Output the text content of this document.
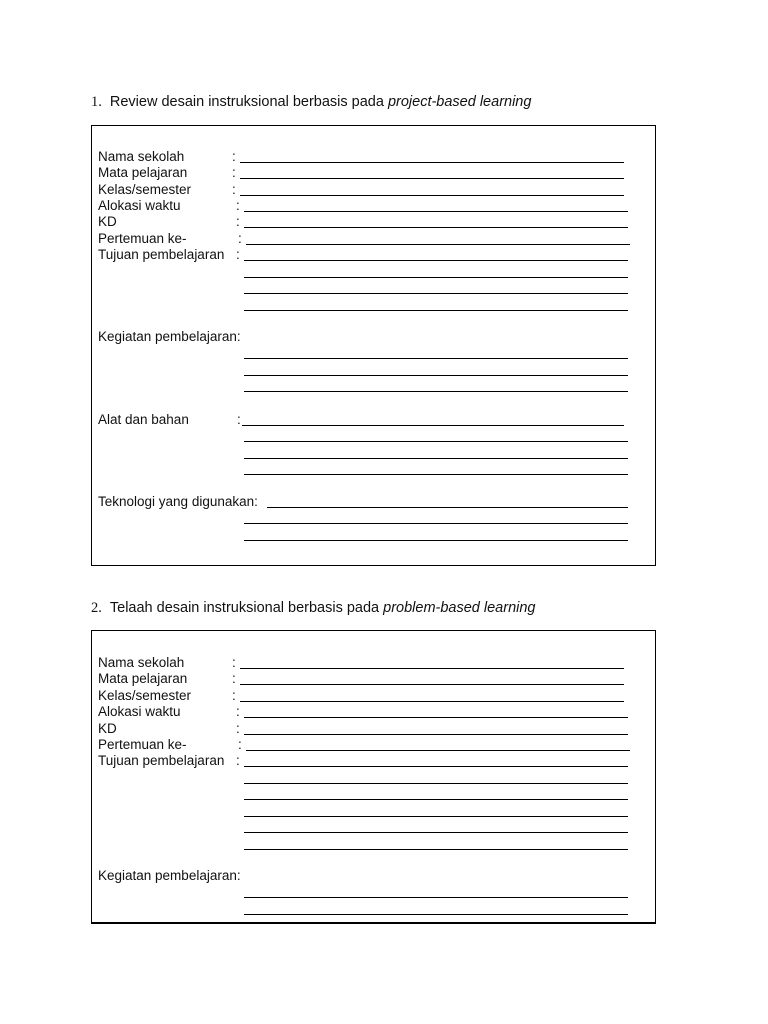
1. Review desain instruksional berbasis pada project-based learning
Nama sekolah	:
Mata pelajaran	:
Kelas/semester	:
Alokasi waktu	:
KD	:
Pertemuan ke-	:
Tujuan pembelajaran :
Kegiatan pembelajaran:
Alat dan bahan	:
Teknologi yang digunakan:
2. Telaah desain instruksional berbasis pada problem-based learning
Nama sekolah	:
Mata pelajaran	:
Kelas/semester	:
Alokasi waktu	:
KD	:
Pertemuan ke-	:
Tujuan pembelajaran :
Kegiatan pembelajaran:
